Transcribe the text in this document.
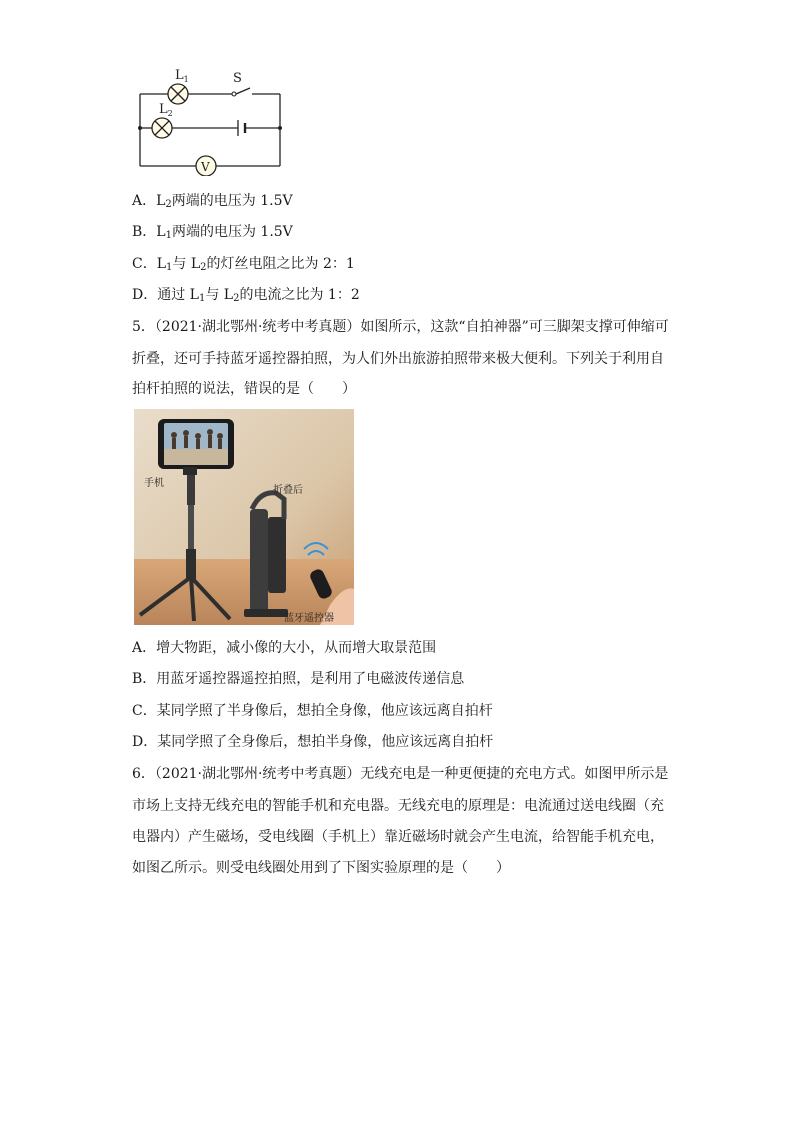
$L_1$
$L_2$
S
V
A．$L_2$两端的电压为 1.5V
B．$L_1$两端的电压为 1.5V
C．$L_1$与 $L_2$的灯丝电阻之比为 2：1
D．通过 $L_1$与 $L_2$的电流之比为 1：2
5．（2021·湖北鄂州·统考中考真题）如图所示，这款“自拍神器”可三脚架支撑可伸缩可
折叠，还可手持蓝牙遥控器拍照，为人们外出旅游拍照带来极大便利。下列关于利用自
拍杆拍照的说法，错误的是（　　）
手机
折叠后
蓝牙遥控器
A．增大物距，减小像的大小，从而增大取景范围
B．用蓝牙遥控器遥控拍照，是利用了电磁波传递信息
C．某同学照了半身像后，想拍全身像，他应该远离自拍杆
D．某同学照了全身像后，想拍半身像，他应该远离自拍杆
6．（2021·湖北鄂州·统考中考真题）无线充电是一种更便捷的充电方式。如图甲所示是
市场上支持无线充电的智能手机和充电器。无线充电的原理是：电流通过送电线圈（充
电器内）产生磁场，受电线圈（手机上）靠近磁场时就会产生电流，给智能手机充电，
如图乙所示。则受电线圈处用到了下图实验原理的是（　　）
